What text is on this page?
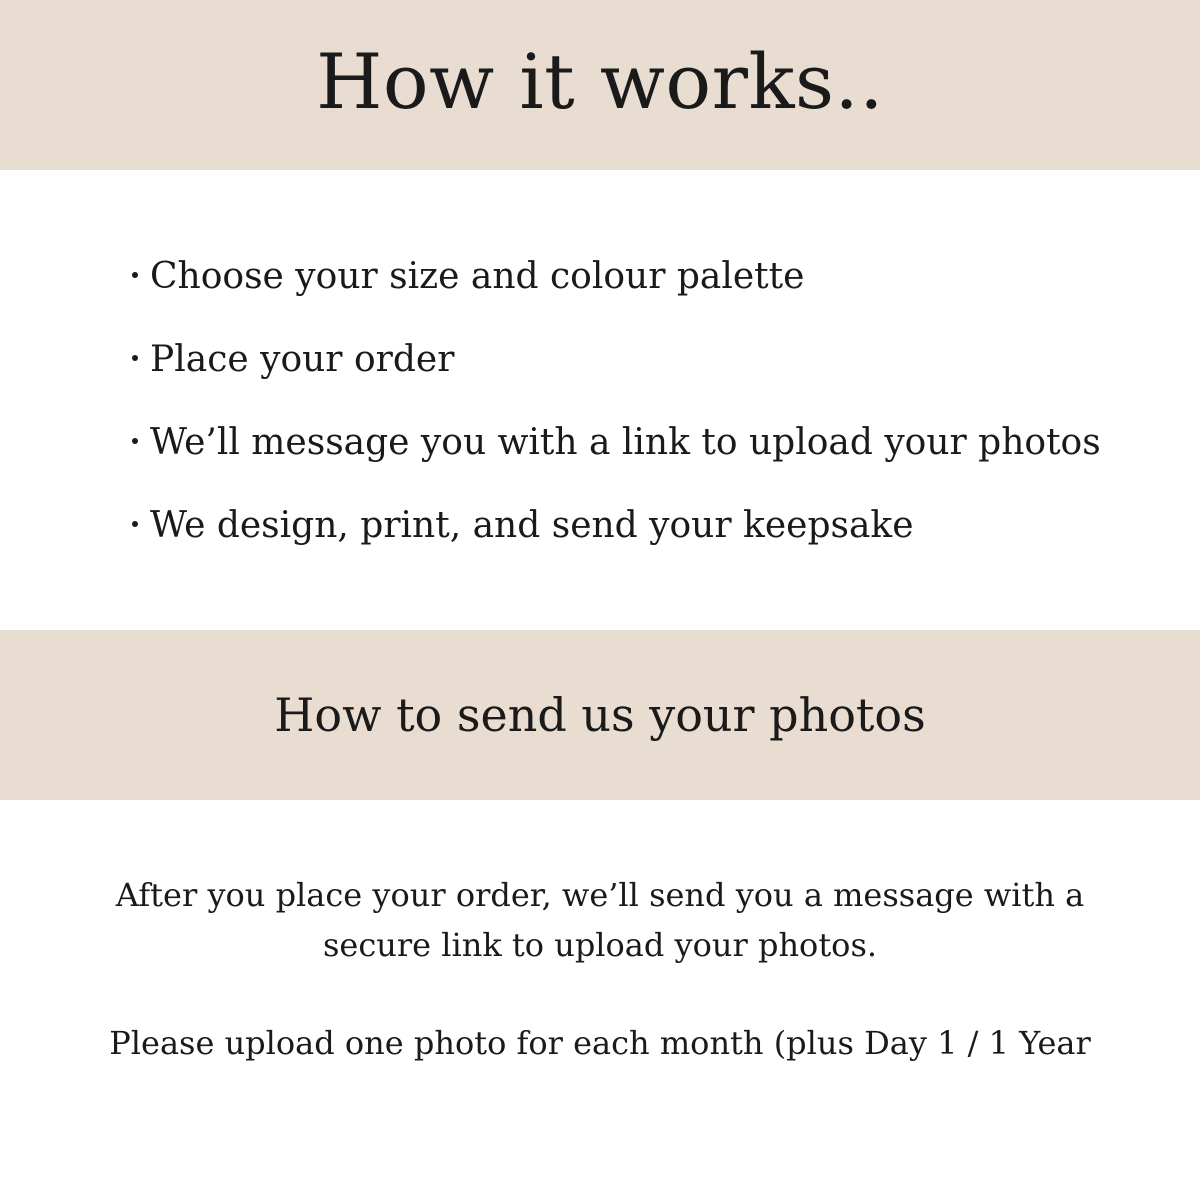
How it works..
Choose your size and colour palette
Place your order
We’ll message you with a link to upload your photos
We design, print, and send your keepsake
How to send us your photos

After you place your order, we’ll send you a message with a
secure link to upload your photos.

Please upload one photo for each month (plus Day 1 / 1 Year
